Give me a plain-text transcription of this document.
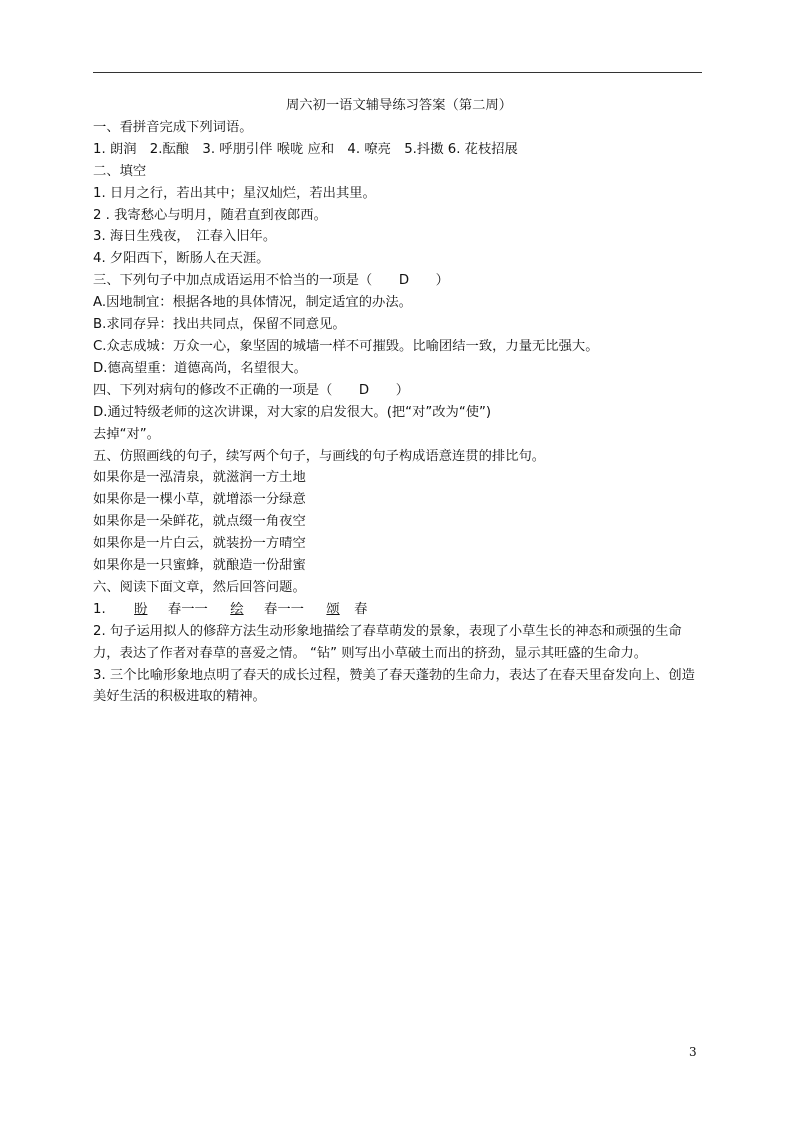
周六初一语文辅导练习答案（第二周）
一、看拼音完成下列词语。
1. 朗润　2.酝酿　3. 呼朋引伴 喉咙 应和　4. 嘹亮　5.抖擞 6. 花枝招展
二、填空
1. 日月之行，若出其中；星汉灿烂，若出其里。
2 . 我寄愁心与明月，随君直到夜郎西。
3. 海日生残夜，　江春入旧年。
4. 夕阳西下，断肠人在天涯。
三、下列句子中加点成语运用不恰当的一项是（　　D　　）
A.因地制宜：根据各地的具体情况，制定适宜的办法。
B.求同存异：找出共同点，保留不同意见。
C.众志成城：万众一心，象坚固的城墙一样不可摧毁。比喻团结一致，力量无比强大。
D.德高望重：道德高尚，名望很大。
四、下列对病句的修改不正确的一项是（　　D　　）
D.通过特级老师的这次讲课，对大家的启发很大。(把“对”改为“使”)
去掉“对”。
五、仿照画线的句子，续写两个句子，与画线的句子构成语意连贯的排比句。
如果你是一泓清泉，就滋润一方土地
如果你是一棵小草，就增添一分绿意
如果你是一朵鲜花，就点缀一角夜空
如果你是一片白云，就装扮一方晴空
如果你是一只蜜蜂，就酿造一份甜蜜
六、阅读下面文章，然后回答问题。
1. 盼 春一一 绘 春一一 颂 春
2. 句子运用拟人的修辞方法生动形象地描绘了春草萌发的景象，表现了小草生长的神态和顽强的生命力，表达了作者对春草的喜爱之情。 “钻” 则写出小草破土而出的挤劲，显示其旺盛的生命力。
3. 三个比喻形象地点明了春天的成长过程，赞美了春天蓬勃的生命力，表达了在春天里奋发向上、创造美好生活的积极进取的精神。
3
